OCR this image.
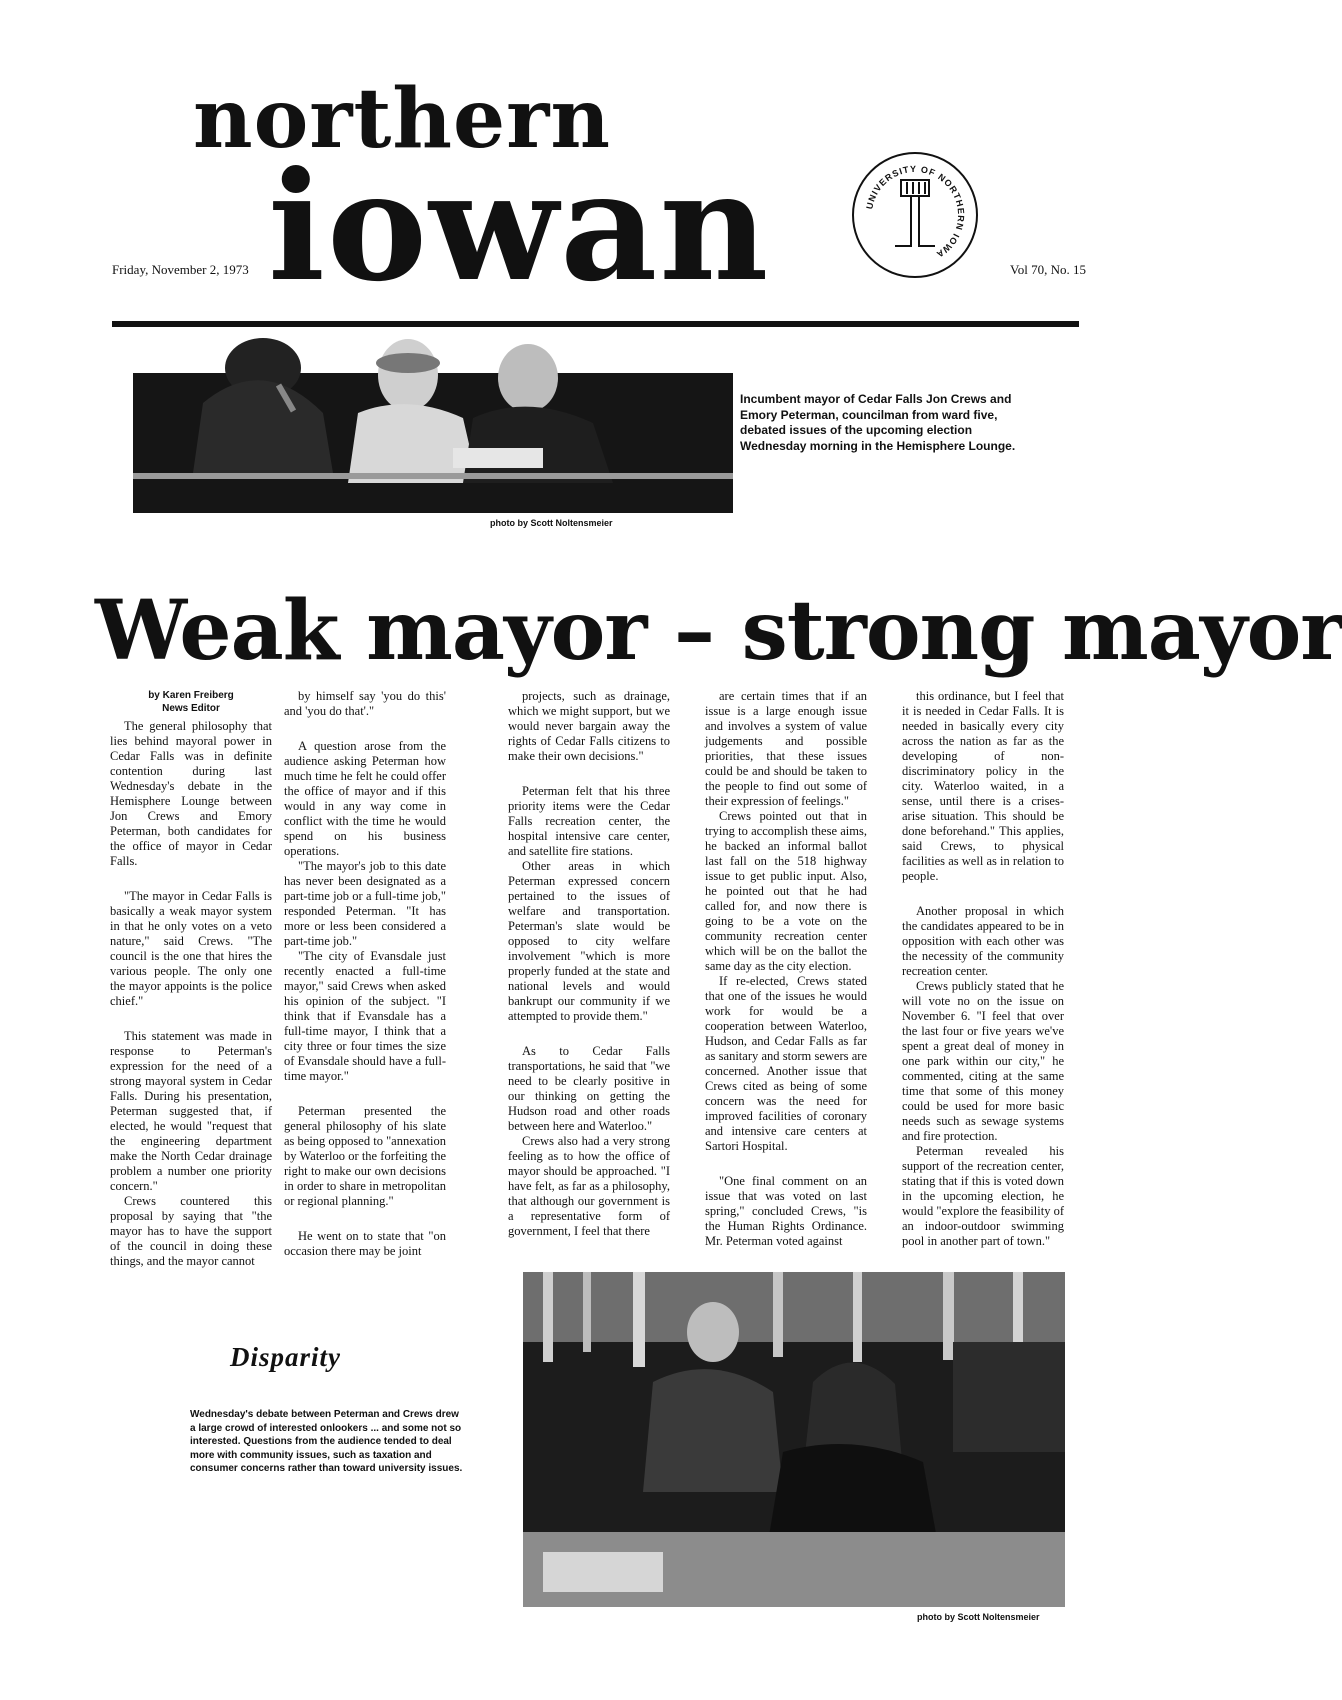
northern
iowan
Friday, November 2, 1973	Vol 70, No. 15
UNIVERSITY OF NORTHERN IOWA
Incumbent mayor of Cedar Falls Jon Crews and Emory Peterman, councilman from ward five, debated issues of the upcoming election Wednesday morning in the Hemisphere Lounge.
photo by Scott Noltensmeier
Weak mayor – strong mayor
by Karen Freiberg
News Editor

The general philosophy that lies behind mayoral power in Cedar Falls was in definite contention during last Wednesday's debate in the Hemisphere Lounge between Jon Crews and Emory Peterman, both candidates for the office of mayor in Cedar Falls.

"The mayor in Cedar Falls is basically a weak mayor system in that he only votes on a veto nature," said Crews. "The council is the one that hires the various people. The only one the mayor appoints is the police chief."

This statement was made in response to Peterman's expression for the need of a strong mayoral system in Cedar Falls. During his presentation, Peterman suggested that, if elected, he would "request that the engineering department make the North Cedar drainage problem a number one priority concern."

Crews countered this proposal by saying that "the mayor has to have the support of the council in doing these things, and the mayor cannot

by himself say 'you do this' and 'you do that'."

A question arose from the audience asking Peterman how much time he felt he could offer the office of mayor and if this would in any way come in conflict with the time he would spend on his business operations.

"The mayor's job to this date has never been designated as a part-time job or a full-time job," responded Peterman. "It has more or less been considered a part-time job."

"The city of Evansdale just recently enacted a full-time mayor," said Crews when asked his opinion of the subject. "I think that if Evansdale has a full-time mayor, I think that a city three or four times the size of Evansdale should have a full-time mayor."

Peterman presented the general philosophy of his slate as being opposed to "annexation by Waterloo or the forfeiting the right to make our own decisions in order to share in metropolitan or regional planning."

He went on to state that "on occasion there may be joint

projects, such as drainage, which we might support, but we would never bargain away the rights of Cedar Falls citizens to make their own decisions."

Peterman felt that his three priority items were the Cedar Falls recreation center, the hospital intensive care center, and satellite fire stations.

Other areas in which Peterman expressed concern pertained to the issues of welfare and transportation. Peterman's slate would be opposed to city welfare involvement "which is more properly funded at the state and national levels and would bankrupt our community if we attempted to provide them."

As to Cedar Falls transportations, he said that "we need to be clearly positive in our thinking on getting the Hudson road and other roads between here and Waterloo."

Crews also had a very strong feeling as to how the office of mayor should be approached. "I have felt, as far as a philosophy, that although our government is a representative form of government, I feel that there

are certain times that if an issue is a large enough issue and involves a system of value judgements and possible priorities, that these issues could be and should be taken to the people to find out some of their expression of feelings."

Crews pointed out that in trying to accomplish these aims, he backed an informal ballot last fall on the 518 highway issue to get public input. Also, he pointed out that he had called for, and now there is going to be a vote on the community recreation center which will be on the ballot the same day as the city election.

If re-elected, Crews stated that one of the issues he would work for would be a cooperation between Waterloo, Hudson, and Cedar Falls as far as sanitary and storm sewers are concerned. Another issue that Crews cited as being of some concern was the need for improved facilities of coronary and intensive care centers at Sartori Hospital.

"One final comment on an issue that was voted on last spring," concluded Crews, "is the Human Rights Ordinance. Mr. Peterman voted against

this ordinance, but I feel that it is needed in Cedar Falls. It is needed in basically every city across the nation as far as the developing of non-discriminatory policy in the city. Waterloo waited, in a sense, until there is a crises-arise situation. This should be done beforehand." This applies, said Crews, to physical facilities as well as in relation to people.

Another proposal in which the candidates appeared to be in opposition with each other was the necessity of the community recreation center.

Crews publicly stated that he will vote no on the issue on November 6. "I feel that over the last four or five years we've spent a great deal of money in one park within our city," he commented, citing at the same time that some of this money could be used for more basic needs such as sewage systems and fire protection.

Peterman revealed his support of the recreation center, stating that if this is voted down in the upcoming election, he would "explore the feasibility of an indoor-outdoor swimming pool in another part of town."

Disparity
Wednesday's debate between Peterman and Crews drew a large crowd of interested onlookers ... and some not so interested. Questions from the audience tended to deal more with community issues, such as taxation and consumer concerns rather than toward university issues.
photo by Scott Noltensmeier
